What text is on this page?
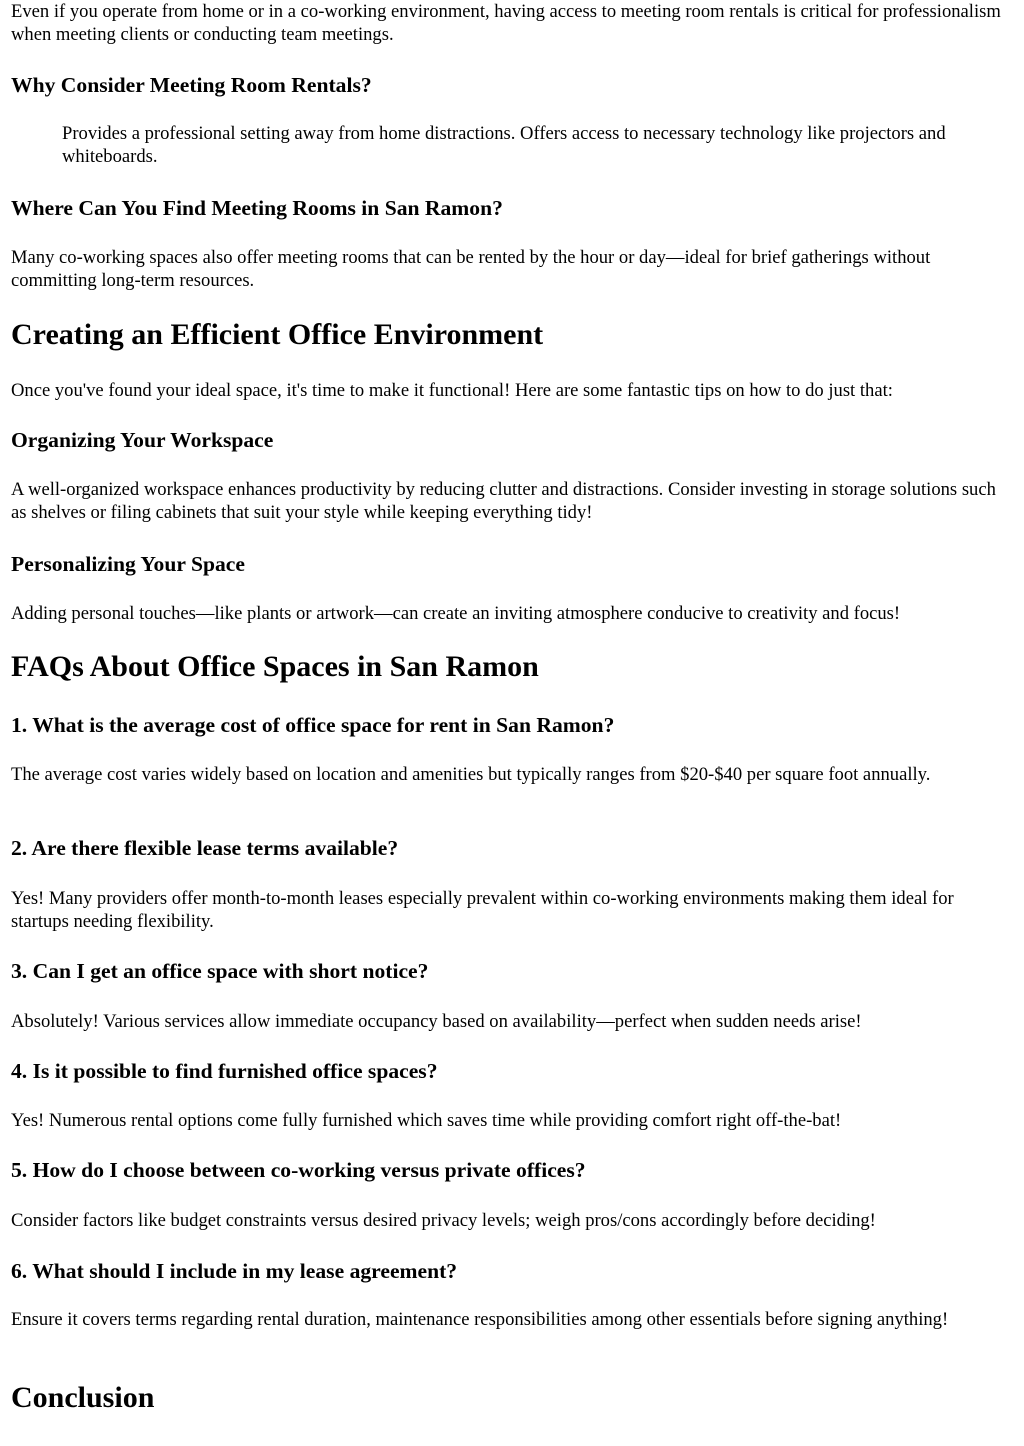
Even if you operate from home or in a co-working environment, having access to meeting room rentals is critical for professionalism when meeting clients or conducting team meetings.

Why Consider Meeting Room Rentals?
Provides a professional setting away from home distractions. Offers access to necessary technology like projectors and whiteboards.
Where Can You Find Meeting Rooms in San Ramon?

Many co-working spaces also offer meeting rooms that can be rented by the hour or day—ideal for brief gatherings without committing long-term resources.

Creating an Efficient Office Environment

Once you've found your ideal space, it's time to make it functional! Here are some fantastic tips on how to do just that:

Organizing Your Workspace

A well-organized workspace enhances productivity by reducing clutter and distractions. Consider investing in storage solutions such as shelves or filing cabinets that suit your style while keeping everything tidy!

Personalizing Your Space

Adding personal touches—like plants or artwork—can create an inviting atmosphere conducive to creativity and focus!

FAQs About Office Spaces in San Ramon
1. What is the average cost of office space for rent in San Ramon?

The average cost varies widely based on location and amenities but typically ranges from $20-$40 per square foot annually.

2. Are there flexible lease terms available?

Yes! Many providers offer month-to-month leases especially prevalent within co-working environments making them ideal for startups needing flexibility.

3. Can I get an office space with short notice?

Absolutely! Various services allow immediate occupancy based on availability—perfect when sudden needs arise!

4. Is it possible to find furnished office spaces?

Yes! Numerous rental options come fully furnished which saves time while providing comfort right off-the-bat!

5. How do I choose between co-working versus private offices?

Consider factors like budget constraints versus desired privacy levels; weigh pros/cons accordingly before deciding!

6. What should I include in my lease agreement?

Ensure it covers terms regarding rental duration, maintenance responsibilities among other essentials before signing anything!

Conclusion
